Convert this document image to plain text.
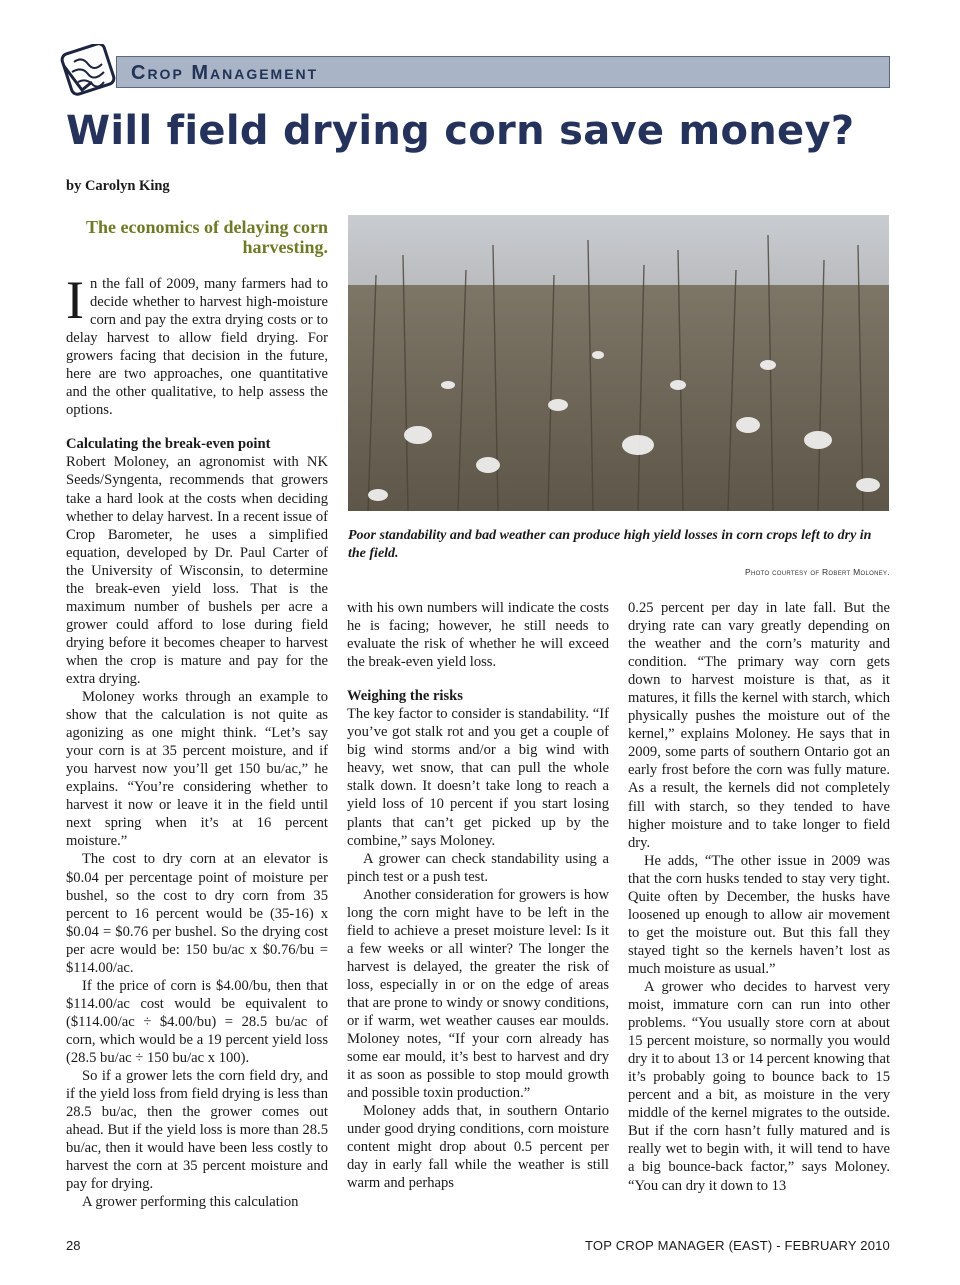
Crop Management
Will field drying corn save money?
by Carolyn King
The economics of delaying corn harvesting.

In the fall of 2009, many farmers had to decide whether to harvest high-moisture corn and pay the extra drying costs or to delay harvest to allow field drying. For growers facing that decision in the future, here are two approaches, one quantitative and the other qualitative, to help assess the options.

Calculating the break-even point

Robert Moloney, an agronomist with NK Seeds/Syngenta, recommends that growers take a hard look at the costs when deciding whether to delay harvest. In a recent issue of Crop Barometer, he uses a simplified equation, developed by Dr. Paul Carter of the University of Wisconsin, to determine the break-even yield loss. That is the maximum number of bushels per acre a grower could afford to lose during field drying before it becomes cheaper to harvest when the crop is mature and pay for the extra drying.

Moloney works through an example to show that the calculation is not quite as agonizing as one might think. “Let’s say your corn is at 35 percent moisture, and if you harvest now you’ll get 150 bu/ac,” he explains. “You’re considering whether to harvest it now or leave it in the field until next spring when it’s at 16 percent moisture.”

The cost to dry corn at an elevator is $0.04 per percentage point of moisture per bushel, so the cost to dry corn from 35 percent to 16 percent would be (35-16) x $0.04 = $0.76 per bushel. So the drying cost per acre would be: 150 bu/ac x $0.76/bu = $114.00/ac.

If the price of corn is $4.00/bu, then that $114.00/ac cost would be equivalent to ($114.00/ac ÷ $4.00/bu) = 28.5 bu/ac of corn, which would be a 19 percent yield loss (28.5 bu/ac ÷ 150 bu/ac x 100).

So if a grower lets the corn field dry, and if the yield loss from field drying is less than 28.5 bu/ac, then the grower comes out ahead. But if the yield loss is more than 28.5 bu/ac, then it would have been less costly to harvest the corn at 35 percent moisture and pay for drying.

A grower performing this calculation

Poor standability and bad weather can produce high yield losses in corn crops left to dry in the field.
Photo courtesy of Robert Moloney.

with his own numbers will indicate the costs he is facing; however, he still needs to evaluate the risk of whether he will exceed the break-even yield loss.

Weighing the risks

The key factor to consider is standability. “If you’ve got stalk rot and you get a couple of big wind storms and/or a big wind with heavy, wet snow, that can pull the whole stalk down. It doesn’t take long to reach a yield loss of 10 percent if you start losing plants that can’t get picked up by the combine,” says Moloney.

A grower can check standability using a pinch test or a push test.

Another consideration for growers is how long the corn might have to be left in the field to achieve a preset moisture level: Is it a few weeks or all winter? The longer the harvest is delayed, the greater the risk of loss, especially in or on the edge of areas that are prone to windy or snowy conditions, or if warm, wet weather causes ear moulds. Moloney notes, “If your corn already has some ear mould, it’s best to harvest and dry it as soon as possible to stop mould growth and possible toxin production.”

Moloney adds that, in southern Ontario under good drying conditions, corn moisture content might drop about 0.5 percent per day in early fall while the weather is still warm and perhaps

0.25 percent per day in late fall. But the drying rate can vary greatly depending on the weather and the corn’s maturity and condition. “The primary way corn gets down to harvest moisture is that, as it matures, it fills the kernel with starch, which physically pushes the moisture out of the kernel,” explains Moloney. He says that in 2009, some parts of southern Ontario got an early frost before the corn was fully mature. As a result, the kernels did not completely fill with starch, so they tended to have higher moisture and to take longer to field dry.

He adds, “The other issue in 2009 was that the corn husks tended to stay very tight. Quite often by December, the husks have loosened up enough to allow air movement to get the moisture out. But this fall they stayed tight so the kernels haven’t lost as much moisture as usual.”

A grower who decides to harvest very moist, immature corn can run into other problems. “You usually store corn at about 15 percent moisture, so normally you would dry it to about 13 or 14 percent knowing that it’s probably going to bounce back to 15 percent and a bit, as moisture in the very middle of the kernel migrates to the outside. But if the corn hasn’t fully matured and is really wet to begin with, it will tend to have a big bounce-back factor,” says Moloney. “You can dry it down to 13

28	TOP CROP MANAGER (EAST) - FEBRUARY 2010
